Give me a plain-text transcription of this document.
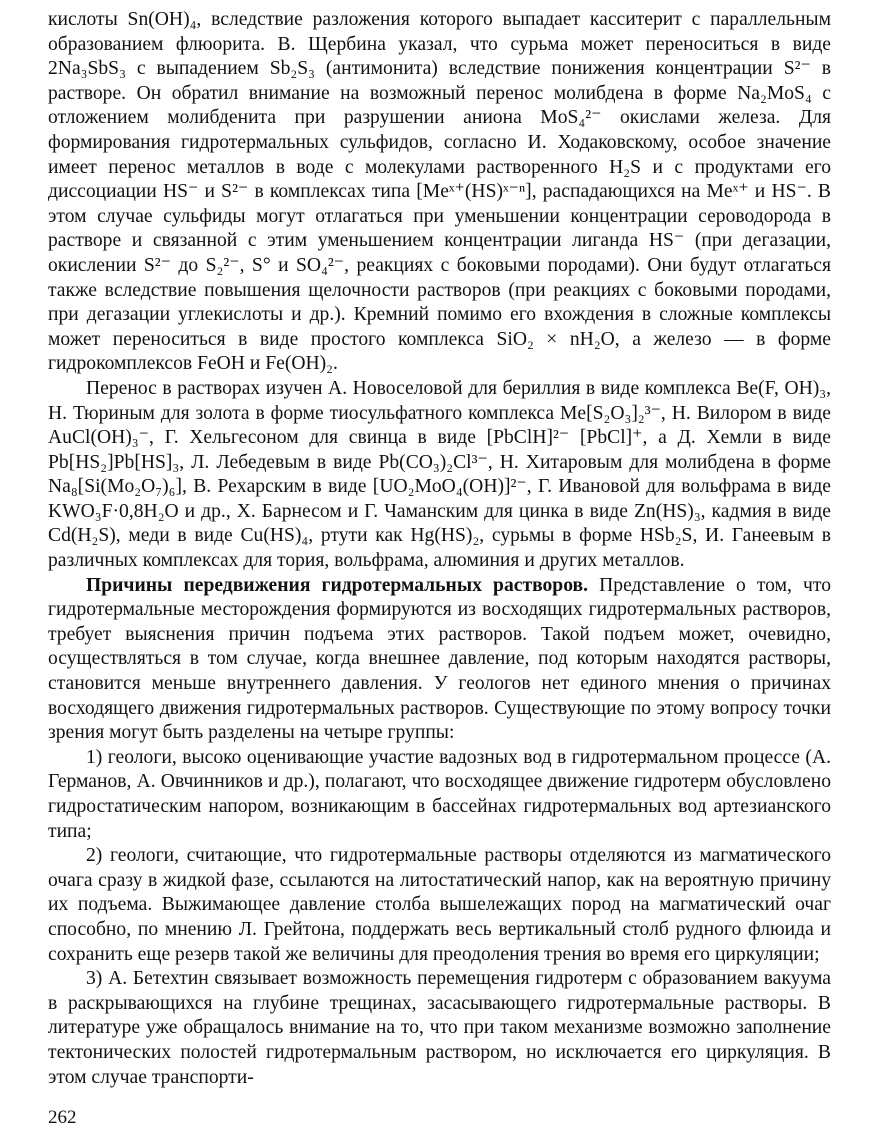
кислоты Sn(OH)₄, вследствие разложения которого выпадает касситерит с параллельным образованием флюорита. В. Щербина указал, что сурьма может переноситься в виде 2Na₃SbS₃ с выпадением Sb₂S₃ (антимонита) вследствие понижения концентрации S²⁻ в растворе. Он обратил внимание на возможный перенос молибдена в форме Na₂MoS₄ с отложением молибденита при разрушении аниона MoS₄²⁻ окислами железа. Для формирования гидротермальных сульфидов, согласно И. Ходаковскому, особое значение имеет перенос металлов в воде с молекулами растворенного H₂S и с продуктами его диссоциации HS⁻ и S²⁻ в комплексах типа [Meˣ⁺(HS)ˣ⁻ⁿ], распадающихся на Meˣ⁺ и HS⁻. В этом случае сульфиды могут отлагаться при уменьшении концентрации сероводорода в растворе и связанной с этим уменьшением концентрации лиганда HS⁻ (при дегазации, окислении S²⁻ до S₂²⁻, S° и SO₄²⁻, реакциях с боковыми породами). Они будут отлагаться также вследствие повышения щелочности растворов (при реакциях с боковыми породами, при дегазации углекислоты и др.). Кремний помимо его вхождения в сложные комплексы может переноситься в виде простого комплекса SiO₂ × nH₂O, а железо — в форме гидрокомплексов FeOH и Fe(OH)₂.

Перенос в растворах изучен А. Новоселовой для бериллия в виде комплекса Be(F, OH)₃, Н. Тюриным для золота в форме тиосульфатного комплекса Me[S₂O₃]₂³⁻, Н. Вилором в виде AuCl(OH)₃⁻, Г. Хельгесоном для свинца в виде [PbClH]²⁻ [PbCl]⁺, а Д. Хемли в виде Pb[HS₂]Pb[HS]₃, Л. Лебедевым в виде Pb(CO₃)₂Cl³⁻, Н. Хитаровым для молибдена в форме Na₈[Si(Mo₂O₇)₆], В. Реxарским в виде [UO₂MoO₄(OH)]²⁻, Г. Ивановой для вольфрама в виде KWO₃F·0,8H₂O и др., Х. Барнесом и Г. Чаманским для цинка в виде Zn(HS)₃, кадмия в виде Cd(H₂S), меди в виде Cu(HS)₄, ртути как Hg(HS)₂, сурьмы в форме HSb₂S, И. Ганеевым в различных комплексах для тория, вольфрама, алюминия и других металлов.

Причины передвижения гидротермальных растворов. Представление о том, что гидротермальные месторождения формируются из восходящих гидротермальных растворов, требует выяснения причин подъема этих растворов. Такой подъем может, очевидно, осуществляться в том случае, когда внешнее давление, под которым находятся растворы, становится меньше внутреннего давления. У геологов нет единого мнения о причинах восходящего движения гидротермальных растворов. Существующие по этому вопросу точки зрения могут быть разделены на четыре группы:

1) геологи, высоко оценивающие участие вадозных вод в гидротермальном процессе (А. Германов, А. Овчинников и др.), полагают, что восходящее движение гидротерм обусловлено гидростатическим напором, возникающим в бассейнах гидротермальных вод артезианского типа;

2) геологи, считающие, что гидротермальные растворы отделяются из магматического очага сразу в жидкой фазе, ссылаются на литостатический напор, как на вероятную причину их подъема. Выжимающее давление столба вышележащих пород на магматический очаг способно, по мнению Л. Грейтона, поддержать весь вертикальный столб рудного флюида и сохранить еще резерв такой же величины для преодоления трения во время его циркуляции;

3) А. Бетехтин связывает возможность перемещения гидротерм с образованием вакуума в раскрывающихся на глубине трещинах, засасывающего гидротермальные растворы. В литературе уже обращалось внимание на то, что при таком механизме возможно заполнение тектонических полостей гидротермальным раствором, но исключается его циркуляция. В этом случае транспорти-

262
